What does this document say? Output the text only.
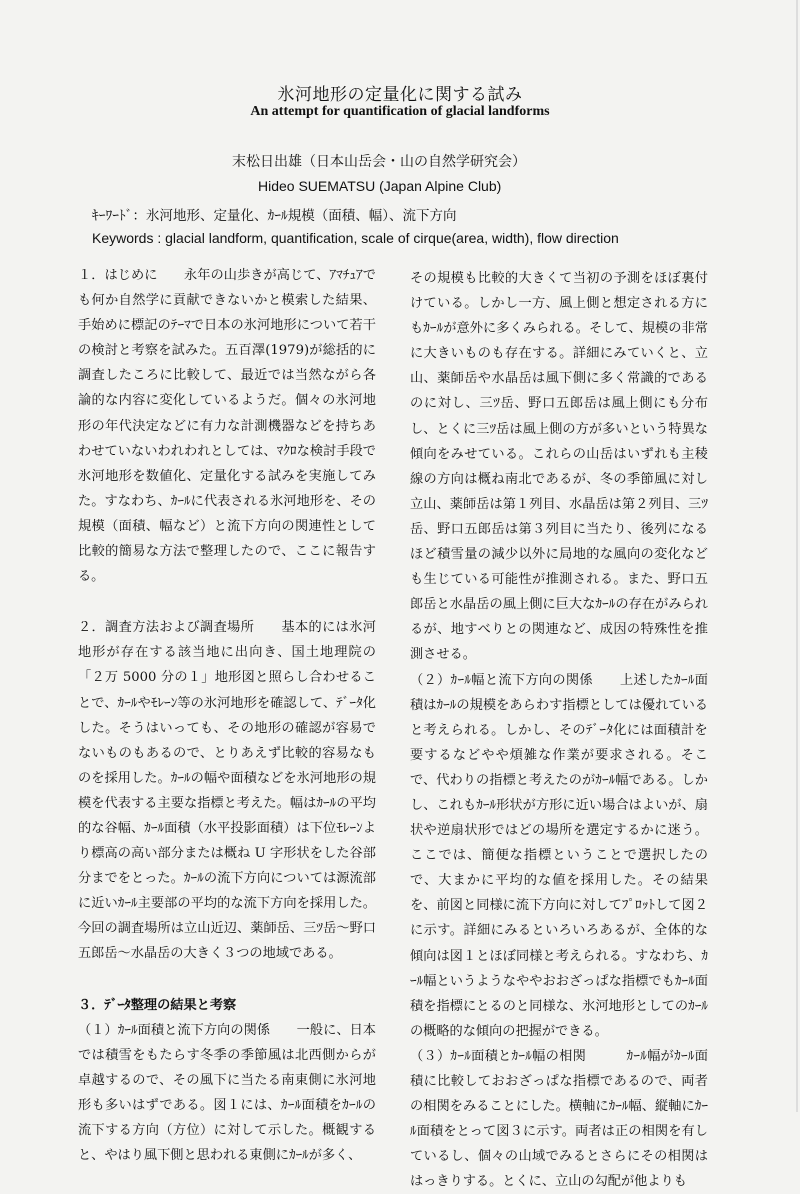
氷河地形の定量化に関する試み
An attempt for quantification of glacial landforms
末松日出雄（日本山岳会・山の自然学研究会）
Hideo SUEMATSU (Japan Alpine Club)
ｷｰﾜｰﾄﾞ：氷河地形、定量化、ｶｰﾙ規模（面積、幅）、流下方向
Keywords : glacial landform, quantification, scale of cirque(area, width), flow direction

１．はじめに　　永年の山歩きが高じて、ｱﾏﾁｭｱでも何か自然学に貢献できないかと模索した結果、手始めに標記のﾃｰﾏで日本の氷河地形について若干の検討と考察を試みた。五百澤(1979)が総括的に調査したころに比較して、最近では当然ながら各論的な内容に変化しているようだ。個々の氷河地形の年代決定などに有力な計測機器などを持ちあわせていないわれわれとしては、ﾏｸﾛな検討手段で氷河地形を数値化、定量化する試みを実施してみた。すなわち、ｶｰﾙに代表される氷河地形を、その規模（面積、幅など）と流下方向の関連性として比較的簡易な方法で整理したので、ここに報告する。

２．調査方法および調査場所　　基本的には氷河地形が存在する該当地に出向き、国土地理院の「２万 5000 分の１」地形図と照らし合わせることで、ｶｰﾙやﾓﾚｰﾝ等の氷河地形を確認して、ﾃﾞｰﾀ化した。そうはいっても、その地形の確認が容易でないものもあるので、とりあえず比較的容易なものを採用した。ｶｰﾙの幅や面積などを氷河地形の規模を代表する主要な指標と考えた。幅はｶｰﾙの平均的な谷幅、ｶｰﾙ面積（水平投影面積）は下位ﾓﾚｰﾝより標高の高い部分または概ね U 字形状をした谷部分までをとった。ｶｰﾙの流下方向については源流部に近いｶｰﾙ主要部の平均的な流下方向を採用した。今回の調査場所は立山近辺、薬師岳、三ﾂ岳～野口五郎岳～水晶岳の大きく３つの地域である。

３．ﾃﾞｰﾀ整理の結果と考察

（１）ｶｰﾙ面積と流下方向の関係　　一般に、日本では積雪をもたらす冬季の季節風は北西側からが卓越するので、その風下に当たる南東側に氷河地形も多いはずである。図１には、ｶｰﾙ面積をｶｰﾙの流下する方向（方位）に対して示した。概観すると、やはり風下側と思われる東側にｶｰﾙが多く、

その規模も比較的大きくて当初の予測をほぼ裏付けている。しかし一方、風上側と想定される方にもｶｰﾙが意外に多くみられる。そして、規模の非常に大きいものも存在する。詳細にみていくと、立山、薬師岳や水晶岳は風下側に多く常識的であるのに対し、三ﾂ岳、野口五郎岳は風上側にも分布し、とくに三ﾂ岳は風上側の方が多いという特異な傾向をみせている。これらの山岳はいずれも主稜線の方向は概ね南北であるが、冬の季節風に対し立山、薬師岳は第１列目、水晶岳は第２列目、三ﾂ岳、野口五郎岳は第３列目に当たり、後列になるほど積雪量の減少以外に局地的な風向の変化なども生じている可能性が推測される。また、野口五郎岳と水晶岳の風上側に巨大なｶｰﾙの存在がみられるが、地すべりとの関連など、成因の特殊性を推測させる。

（２）ｶｰﾙ幅と流下方向の関係　　上述したｶｰﾙ面積はｶｰﾙの規模をあらわす指標としては優れていると考えられる。しかし、そのﾃﾞｰﾀ化には面積計を要するなどやや煩雑な作業が要求される。そこで、代わりの指標と考えたのがｶｰﾙ幅である。しかし、これもｶｰﾙ形状が方形に近い場合はよいが、扇状や逆扇状形ではどの場所を選定するかに迷う。ここでは、簡便な指標ということで選択したので、大まかに平均的な値を採用した。その結果を、前図と同様に流下方向に対してﾌﾟﾛｯﾄして図２に示す。詳細にみるといろいろあるが、全体的な傾向は図１とほぼ同様と考えられる。すなわち、ｶｰﾙ幅というようなややおおざっぱな指標でもｶｰﾙ面積を指標にとるのと同様な、氷河地形としてのｶｰﾙの概略的な傾向の把握ができる。

（３）ｶｰﾙ面積とｶｰﾙ幅の相関　　　ｶｰﾙ幅がｶｰﾙ面積に比較しておおざっぱな指標であるので、両者の相関をみることにした。横軸にｶｰﾙ幅、縦軸にｶｰﾙ面積をとって図３に示す。両者は正の相関を有しているし、個々の山域でみるとさらにその相関ははっきりする。とくに、立山の勾配が他よりも
